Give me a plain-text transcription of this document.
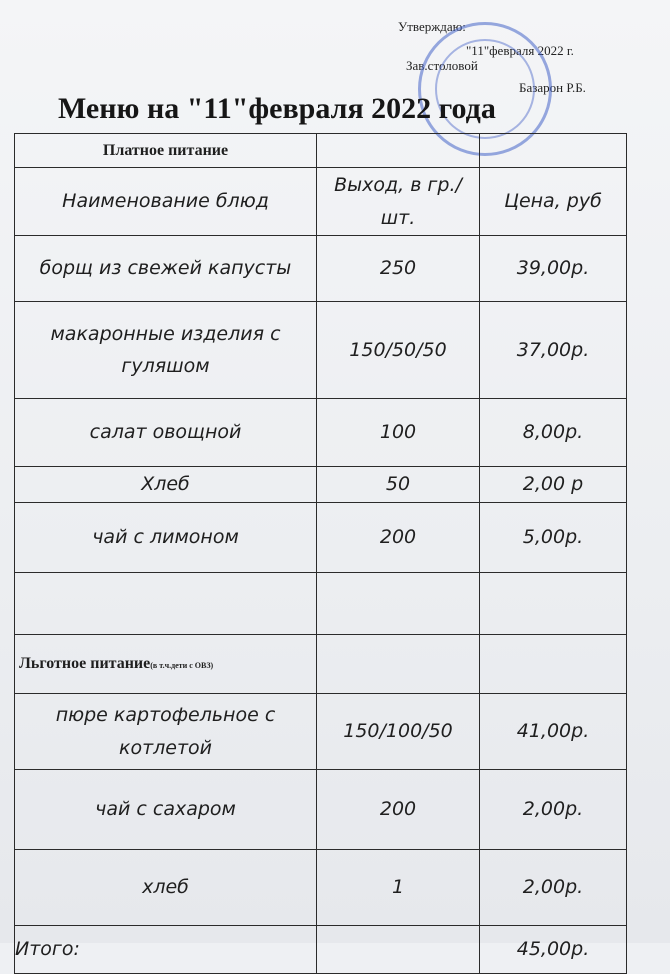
Утверждаю:
"11"февраля 2022 г.
Зав.столовой
Базарон Р.Б.
Меню на "11"февраля 2022 года
Платное питание		
Наименование блюд	Выход, в гр./шт.	Цена, руб
борщ из свежей капусты	250	39,00р.
макаронные изделия с гуляшом	150/50/50	37,00р.
салат овощной	100	8,00р.
Хлеб	50	2,00 р
чай с лимоном	200	5,00р.

Льготное питание(в т.ч.дети с ОВЗ)		
пюре картофельное с котлетой	150/100/50	41,00р.
чай с сахаром	200	2,00р.
хлеб	1	2,00р.
Итого:		45,00р.
